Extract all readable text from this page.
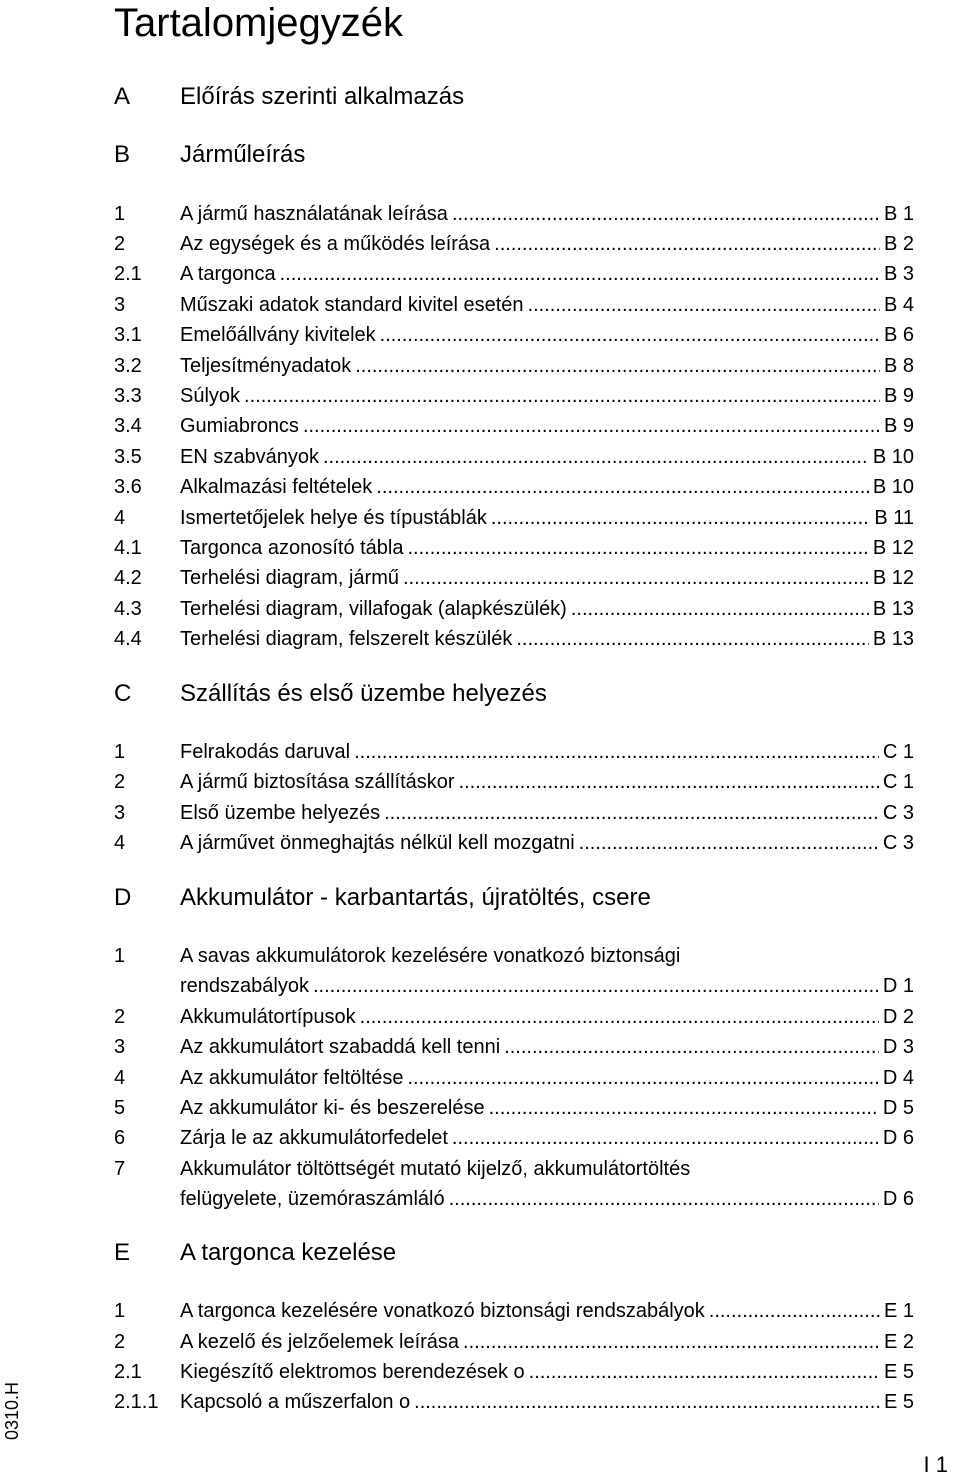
Tartalomjegyzék
A Előírás szerinti alkalmazás
B Járműleírás
1	A jármű használatának leírása .....	B 1
2	Az egységek és a működés leírása .....	B 2
2.1 A targonca .....	B 3
3	Műszaki adatok standard kivitel esetén .....	B 4
3.1 Emelőállvány kivitelek .....	B 6
3.2 Teljesítményadatok .....	B 8
3.3 Súlyok .....	B 9
3.4 Gumiabroncs .....	B 9
3.5 EN szabványok .....	B 10
3.6 Alkalmazási feltételek .....	B 10
4	Ismertetőjelek helye és típustáblák .....	B 11
4.1 Targonca azonosító tábla .....	B 12
4.2 Terhelési diagram, jármű .....	B 12
4.3 Terhelési diagram, villafogak (alapkészülék) .....	B 13
4.4 Terhelési diagram, felszerelt készülék .....	B 13
C Szállítás és első üzembe helyezés
1	Felrakodás daruval .....	C 1
2	A jármű biztosítása szállításkor .....	C 1
3	Első üzembe helyezés .....	C 3
4	A járművet önmeghajtás nélkül kell mozgatni .....	C 3
D Akkumulátor - karbantartás, újratöltés, csere
1	A savas akkumulátorok kezelésére vonatkozó biztonsági
rendszabályok .....	D 1
2	Akkumulátortípusok .....	D 2
3	Az akkumulátort szabaddá kell tenni .....	D 3
4	Az akkumulátor feltöltése .....	D 4
5	Az akkumulátor ki- és beszerelése .....	D 5
6	Zárja le az akkumulátorfedelet .....	D 6
7	Akkumulátor töltöttségét mutató kijelző, akkumulátortöltés
felügyelete, üzemóraszámláló .....	D 6
E A targonca kezelése
1	A targonca kezelésére vonatkozó biztonsági rendszabályok .....	E 1
2	A kezelő és jelzőelemek leírása .....	E 2
2.1 Kiegészítő elektromos berendezések o .....	E 5
2.1.1 Kapcsoló a műszerfalon o .....	E 5
0310.H
I 1
